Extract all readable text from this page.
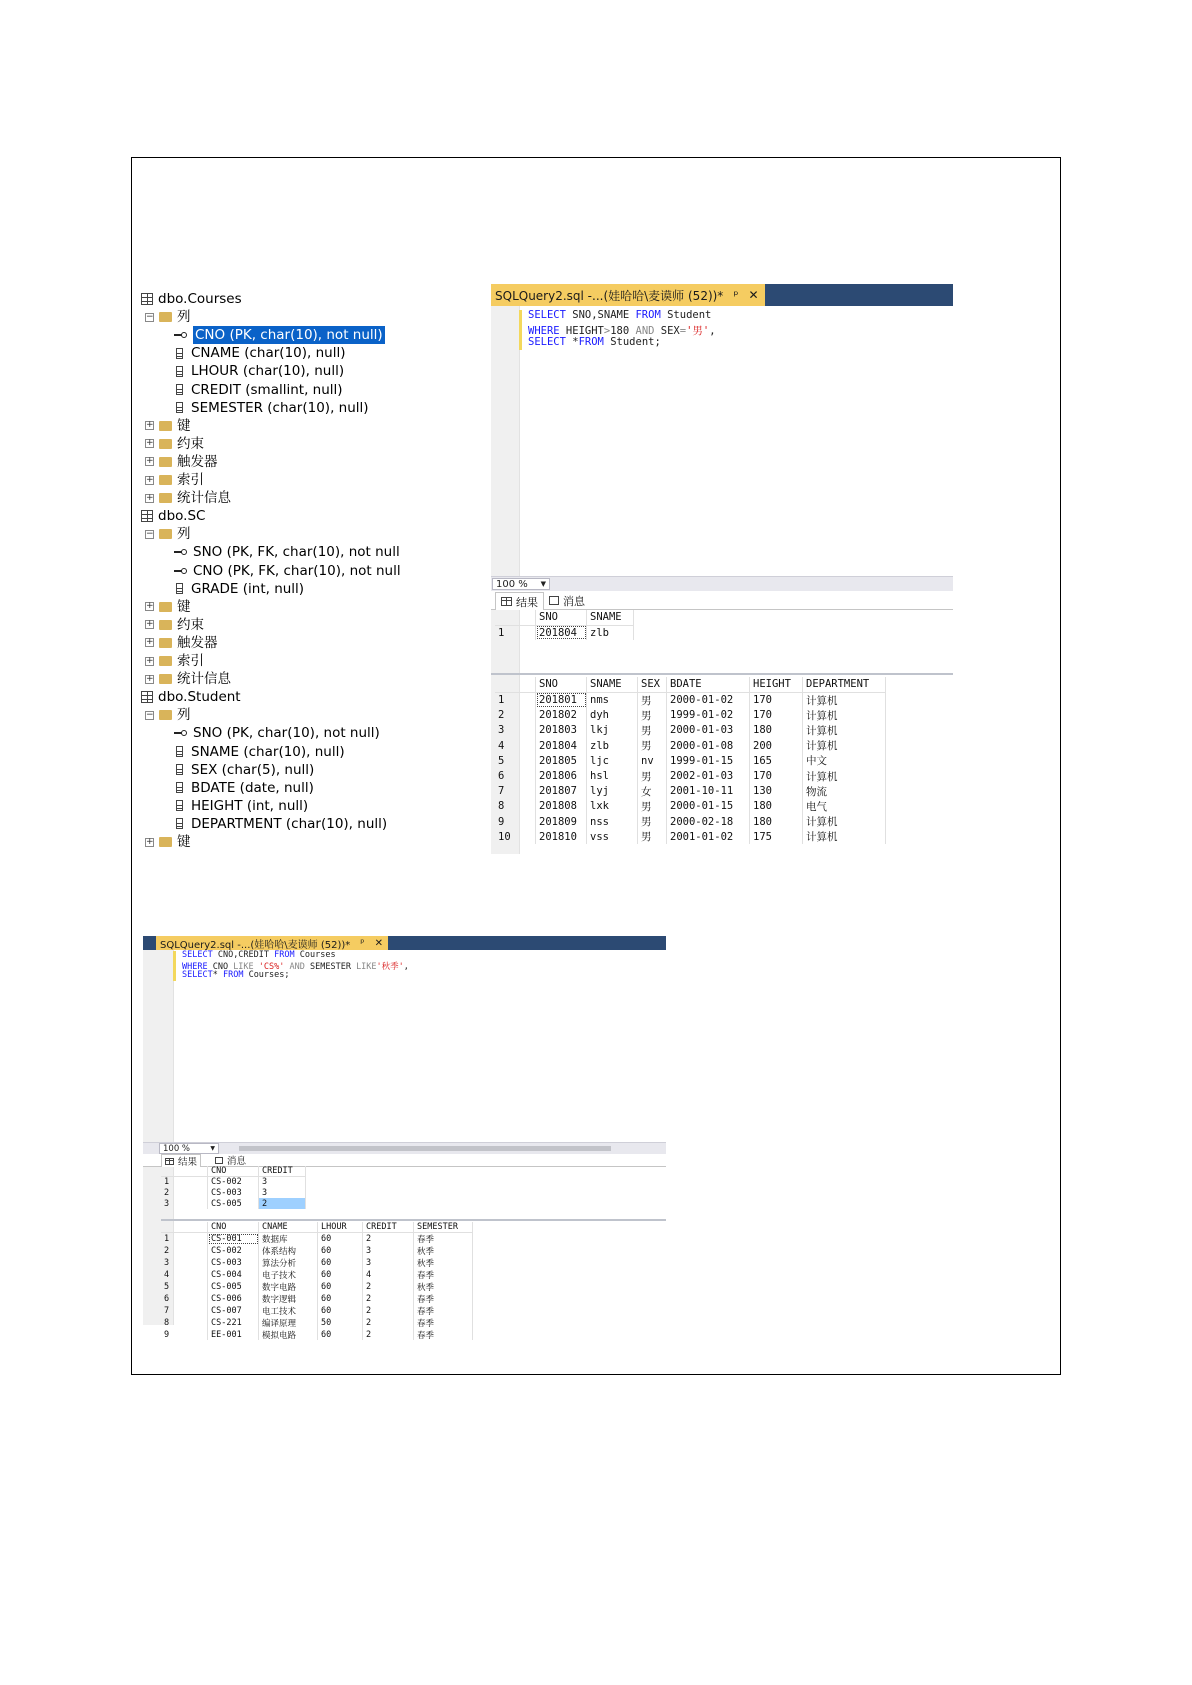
dbo.Courses
− 列
CNO (PK, char(10), not null)
CNAME (char(10), null)
LHOUR (char(10), null)
CREDIT (smallint, null)
SEMESTER (char(10), null)
+ 键
+ 约束
+ 触发器
+ 索引
+ 统计信息
dbo.SC
− 列
SNO (PK, FK, char(10), not null
CNO (PK, FK, char(10), not null
GRADE (int, null)
+ 键
+ 约束
+ 触发器
+ 索引
+ 统计信息
dbo.Student
− 列
SNO (PK, char(10), not null)
SNAME (char(10), null)
SEX (char(5), null)
BDATE (date, null)
HEIGHT (int, null)
DEPARTMENT (char(10), null)
+ 键
SQLQuery2.sql -...(娃哈哈\麦谟师 (52))* ᵖ ✕
SELECT SNO,SNAME FROM Student
WHERE HEIGHT>180 AND SEX='男',
SELECT *FROM Student;
100 % ▼
结果 消息
	SNO	SNAME
1	201804	zlb
	SNO	SNAME	SEX	BDATE	HEIGHT	DEPARTMENT
1	201801	nms	男	2000-01-02	170	计算机
2	201802	dyh	男	1999-01-02	170	计算机
3	201803	lkj	男	2000-01-03	180	计算机
4	201804	zlb	男	2000-01-08	200	计算机
5	201805	ljc	nv	1999-01-15	165	中文
6	201806	hsl	男	2002-01-03	170	计算机
7	201807	lyj	女	2001-10-11	130	物流
8	201808	lxk	男	2000-01-15	180	电气
9	201809	nss	男	2000-02-18	180	计算机
10	201810	vss	男	2001-01-02	175	计算机
SQLQuery2.sql -...(娃哈哈\麦谟师 (52))* ᵖ ✕
SELECT CNO,CREDIT FROM Courses
WHERE CNO LIKE 'CS%' AND SEMESTER LIKE'秋季',
SELECT* FROM Courses;
100 %	▼
结果	消息
	CNO	CREDIT
1	CS-002	3
2	CS-003	3
3	CS-005	2
	CNO	CNAME	LHOUR	CREDIT	SEMESTER
1	CS-001	数据库	60	2	春季
2	CS-002	体系结构	60	3	秋季
3	CS-003	算法分析	60	3	秋季
4	CS-004	电子技术	60	4	春季
5	CS-005	数字电路	60	2	秋季
6	CS-006	数字逻辑	60	2	春季
7	CS-007	电工技术	60	2	春季
8	CS-221	编译原理	50	2	春季
9	EE-001	模拟电路	60	2	春季
